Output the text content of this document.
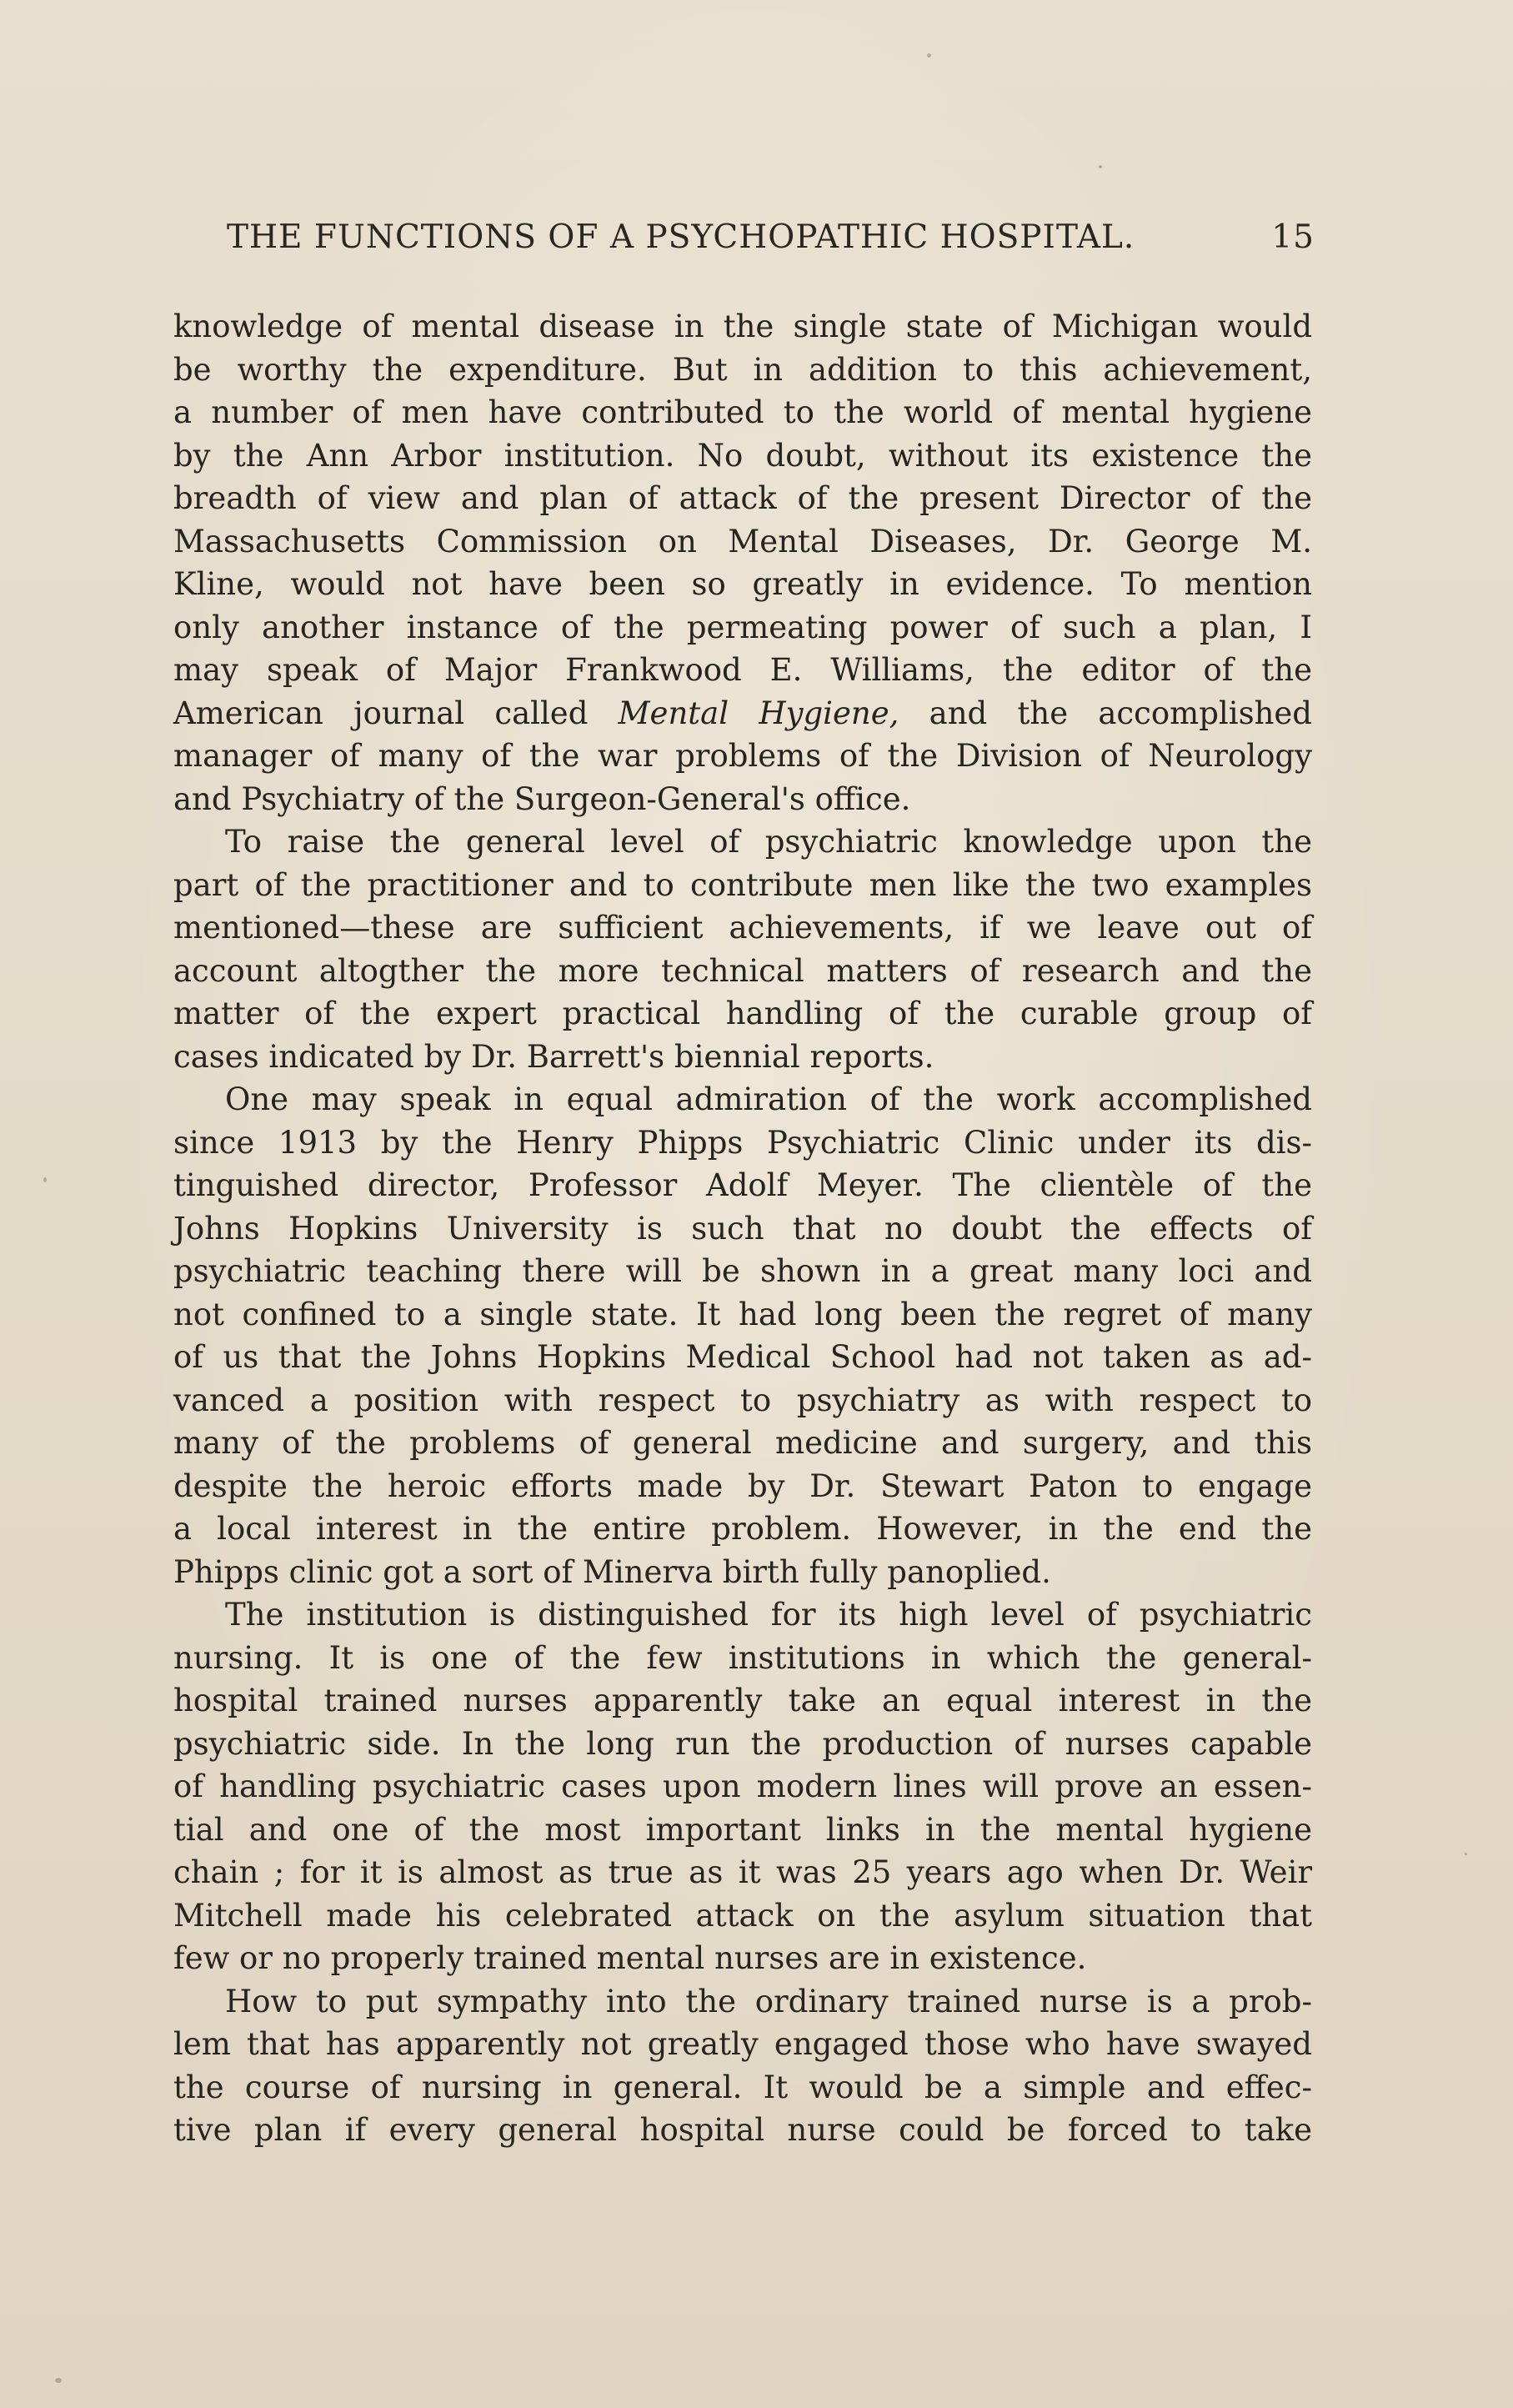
THE FUNCTIONS OF A PSYCHOPATHIC HOSPITAL.	15
knowledge of mental disease in the single state of Michigan would
be worthy the expenditure. But in addition to this achievement,
a number of men have contributed to the world of mental hygiene
by the Ann Arbor institution. No doubt, without its existence the
breadth of view and plan of attack of the present Director of the
Massachusetts Commission on Mental Diseases, Dr. George M.
Kline, would not have been so greatly in evidence. To mention
only another instance of the permeating power of such a plan, I
may speak of Major Frankwood E. Williams, the editor of the
American journal called Mental Hygiene, and the accomplished
manager of many of the war problems of the Division of Neurology
and Psychiatry of the Surgeon-General's office.
To raise the general level of psychiatric knowledge upon the
part of the practitioner and to contribute men like the two examples
mentioned—these are sufficient achievements, if we leave out of
account altogther the more technical matters of research and the
matter of the expert practical handling of the curable group of
cases indicated by Dr. Barrett's biennial reports.
One may speak in equal admiration of the work accomplished
since 1913 by the Henry Phipps Psychiatric Clinic under its dis-
tinguished director, Professor Adolf Meyer. The clientèle of the
Johns Hopkins University is such that no doubt the effects of
psychiatric teaching there will be shown in a great many loci and
not confined to a single state. It had long been the regret of many
of us that the Johns Hopkins Medical School had not taken as ad-
vanced a position with respect to psychiatry as with respect to
many of the problems of general medicine and surgery, and this
despite the heroic efforts made by Dr. Stewart Paton to engage
a local interest in the entire problem. However, in the end the
Phipps clinic got a sort of Minerva birth fully panoplied.
The institution is distinguished for its high level of psychiatric
nursing. It is one of the few institutions in which the general-
hospital trained nurses apparently take an equal interest in the
psychiatric side. In the long run the production of nurses capable
of handling psychiatric cases upon modern lines will prove an essen-
tial and one of the most important links in the mental hygiene
chain ; for it is almost as true as it was 25 years ago when Dr. Weir
Mitchell made his celebrated attack on the asylum situation that
few or no properly trained mental nurses are in existence.
How to put sympathy into the ordinary trained nurse is a prob-
lem that has apparently not greatly engaged those who have swayed
the course of nursing in general. It would be a simple and effec-
tive plan if every general hospital nurse could be forced to take
